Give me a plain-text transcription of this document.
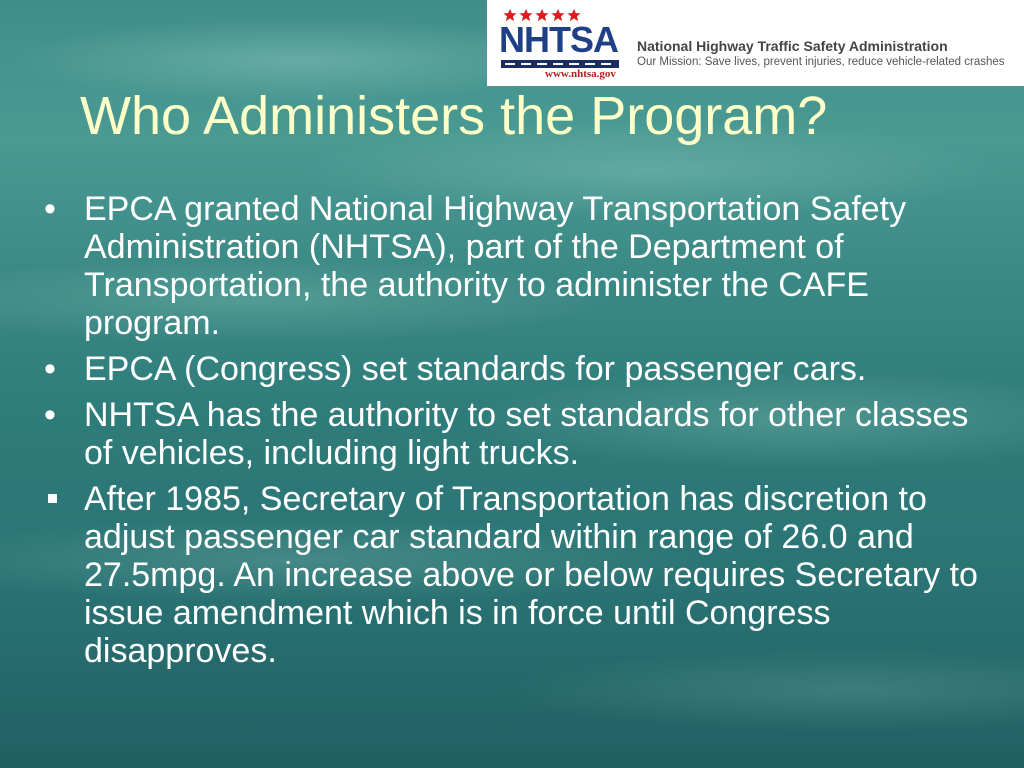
NHTSA
www.nhtsa.gov
National Highway Traffic Safety Administration
Our Mission: Save lives, prevent injuries, reduce vehicle-related crashes
Who Administers the Program?
• EPCA granted National Highway Transportation Safety Administration (NHTSA), part of the Department of Transportation, the authority to administer the CAFE program.
• EPCA (Congress) set standards for passenger cars.
• NHTSA has the authority to set standards for other classes of vehicles, including light trucks.
After 1985, Secretary of Transportation has discretion to adjust passenger car standard within range of 26.0 and 27.5mpg. An increase above or below requires Secretary to issue amendment which is in force until Congress disapproves.
